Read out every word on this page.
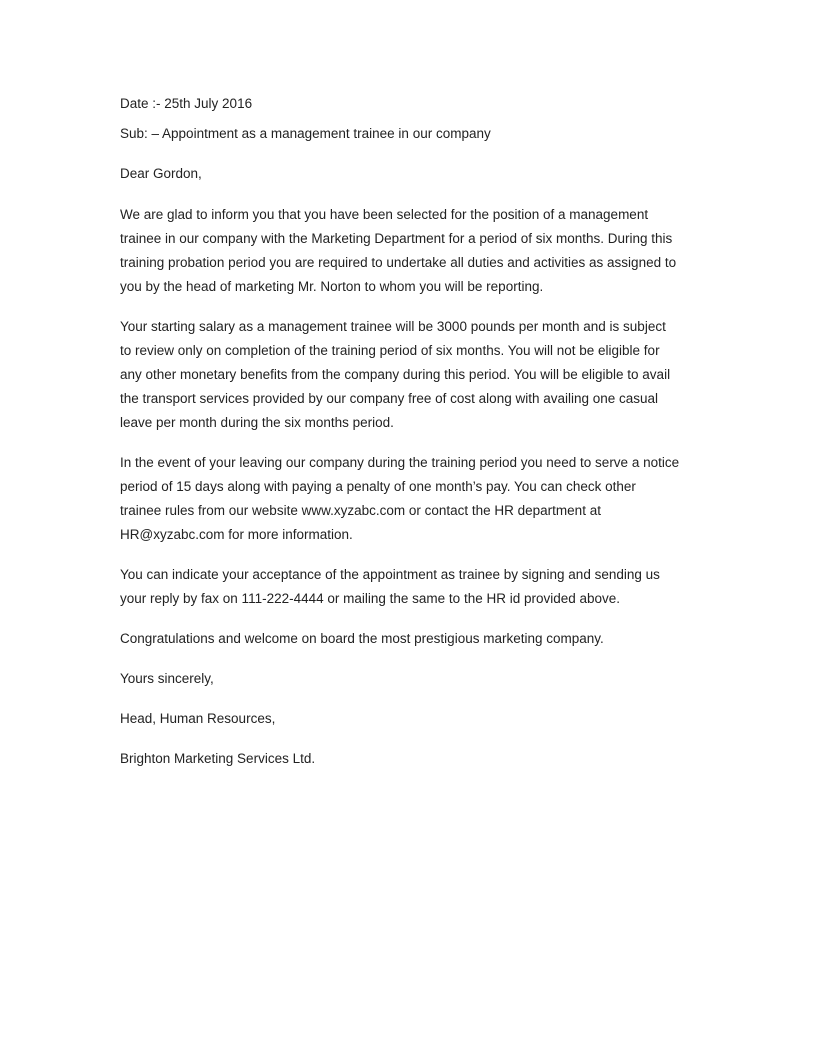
Date :- 25th July 2016

Sub: – Appointment as a management trainee in our company

Dear Gordon,

We are glad to inform you that you have been selected for the position of a management trainee in our company with the Marketing Department for a period of six months. During this training probation period you are required to undertake all duties and activities as assigned to you by the head of marketing Mr. Norton to whom you will be reporting.

Your starting salary as a management trainee will be 3000 pounds per month and is subject to review only on completion of the training period of six months. You will not be eligible for any other monetary benefits from the company during this period. You will be eligible to avail the transport services provided by our company free of cost along with availing one casual leave per month during the six months period.

In the event of your leaving our company during the training period you need to serve a notice period of 15 days along with paying a penalty of one month’s pay. You can check other trainee rules from our website www.xyzabc.com or contact the HR department at HR@xyzabc.com for more information.

You can indicate your acceptance of the appointment as trainee by signing and sending us your reply by fax on 111-222-4444 or mailing the same to the HR id provided above.

Congratulations and welcome on board the most prestigious marketing company.

Yours sincerely,

Head, Human Resources,

Brighton Marketing Services Ltd.
